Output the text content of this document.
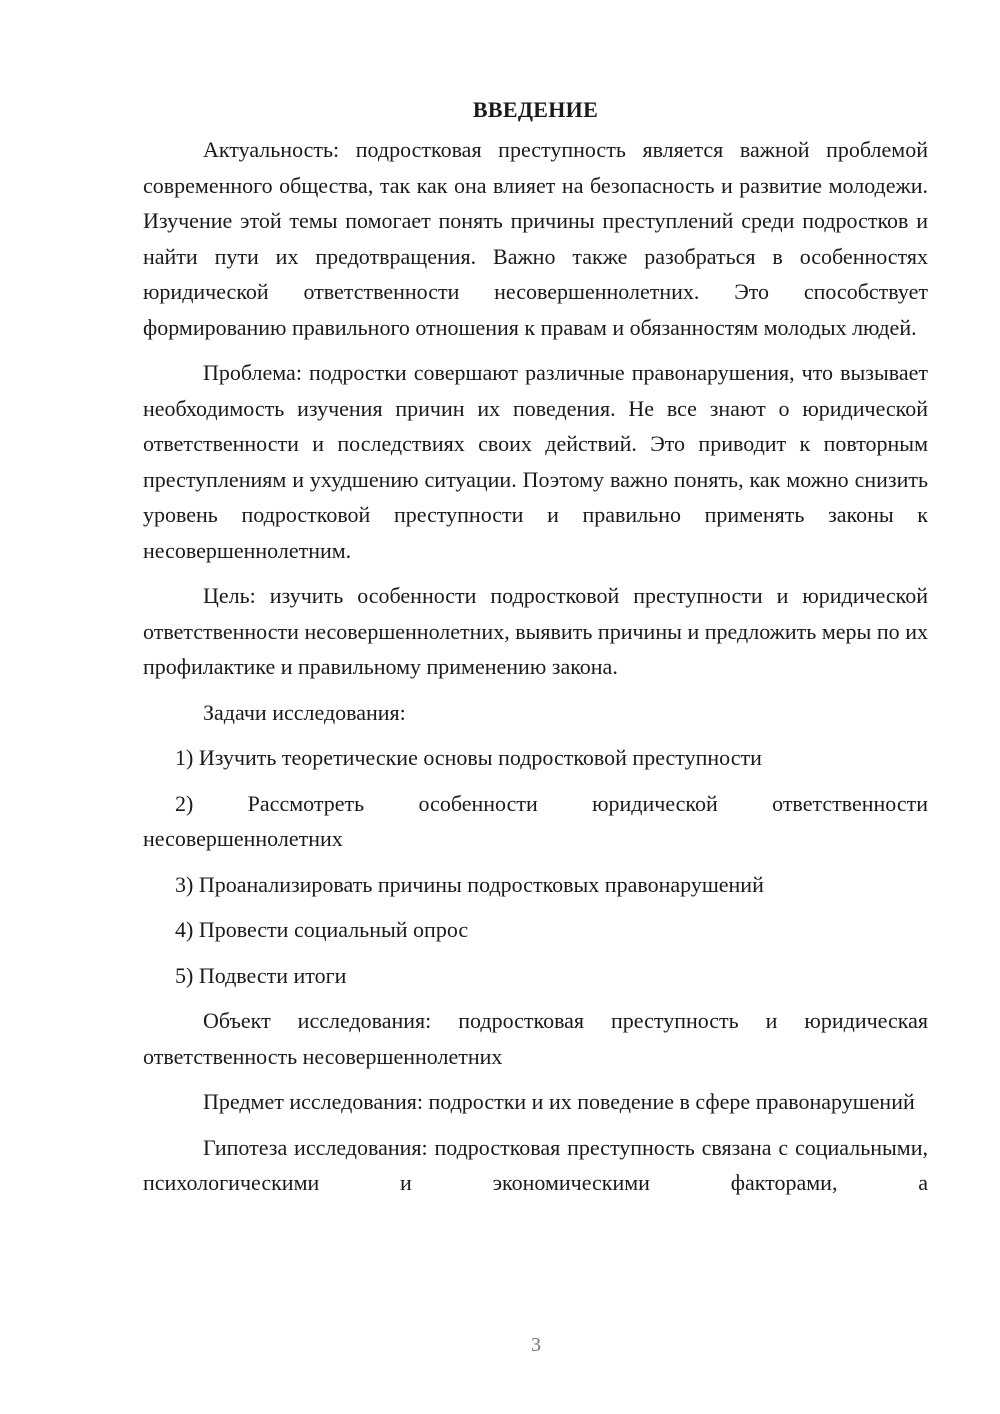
ВВЕДЕНИЕ

Актуальность: подростковая преступность является важной проблемой современного общества, так как она влияет на безопасность и развитие молодежи. Изучение этой темы помогает понять причины преступлений среди подростков и найти пути их предотвращения. Важно также разобраться в особенностях юридической ответственности несовершеннолетних. Это способствует формированию правильного отношения к правам и обязанностям молодых людей.

Проблема: подростки совершают различные правонарушения, что вызывает необходимость изучения причин их поведения. Не все знают о юридической ответственности и последствиях своих действий. Это приводит к повторным преступлениям и ухудшению ситуации. Поэтому важно понять, как можно снизить уровень подростковой преступности и правильно применять законы к несовершеннолетним.

Цель: изучить особенности подростковой преступности и юридической ответственности несовершеннолетних, выявить причины и предложить меры по их профилактике и правильному применению закона.

Задачи исследования:

1) Изучить теоретические основы подростковой преступности

2) Рассмотреть особенности юридической ответственности несовершеннолетних

3) Проанализировать причины подростковых правонарушений

4) Провести социальный опрос

5) Подвести итоги

Объект исследования: подростковая преступность и юридическая ответственность несовершеннолетних

Предмет исследования: подростки и их поведение в сфере правонарушений

Гипотеза исследования: подростковая преступность связана с социальными, психологическими и экономическими факторами, а

3
